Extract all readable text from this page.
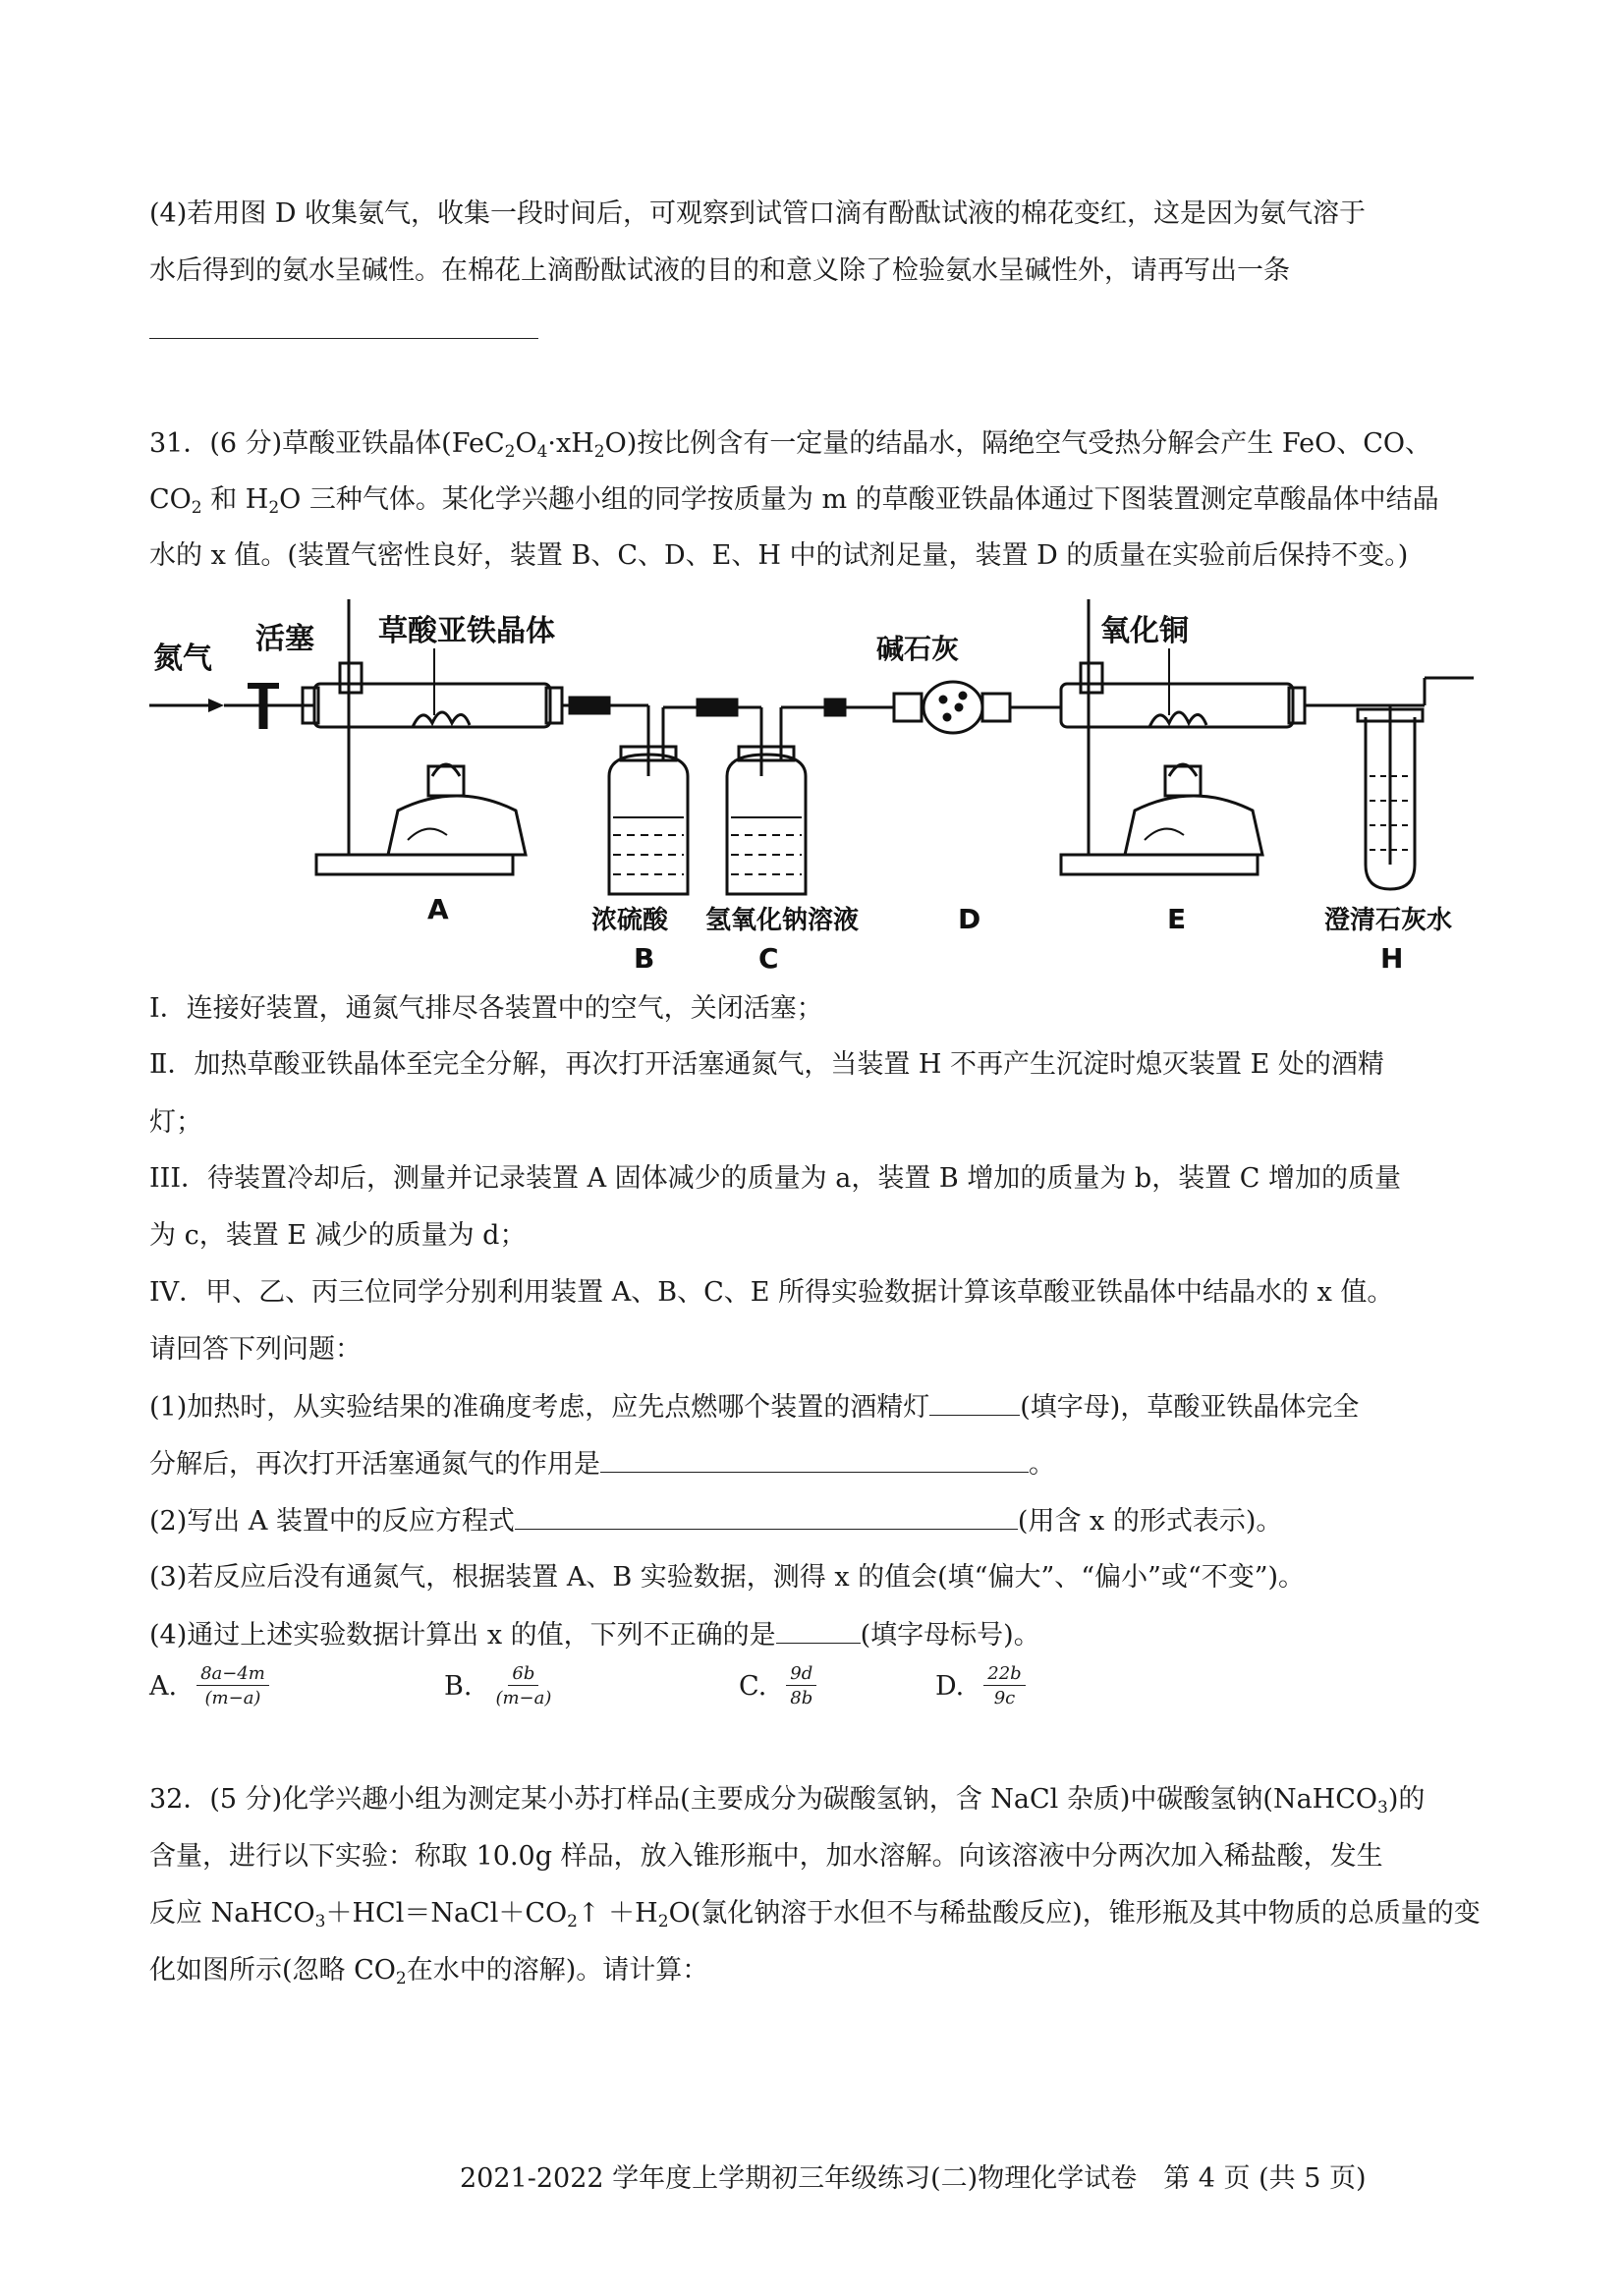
(4)若用图 D 收集氨气，收集一段时间后，可观察到试管口滴有酚酞试液的棉花变红，这是因为氨气溶于
水后得到的氨水呈碱性。在棉花上滴酚酞试液的目的和意义除了检验氨水呈碱性外，请再写出一条
31．(6 分)草酸亚铁晶体$(FeC_2O_4\cdot xH_2O)$按比例含有一定量的结晶水，隔绝空气受热分解会产生 FeO、CO、
$CO_2$ 和 $H_2O$ 三种气体。某化学兴趣小组的同学按质量为 m 的草酸亚铁晶体通过下图装置测定草酸晶体中结晶
水的 x 值。(装置气密性良好，装置 B、C、D、E、H 中的试剂足量，装置 D 的质量在实验前后保持不变。)
氮气
活塞 草酸亚铁晶体
A	浓硫酸
B
氢氧化钠溶液
C
碱石灰
D
氧化铜
E	澄清石灰水
H
Ⅰ．连接好装置，通氮气排尽各装置中的空气，关闭活塞；
Ⅱ．加热草酸亚铁晶体至完全分解，再次打开活塞通氮气，当装置 H 不再产生沉淀时熄灭装置 E 处的酒精
灯；
III．待装置冷却后，测量并记录装置 A 固体减少的质量为 a，装置 B 增加的质量为 b，装置 C 增加的质量
为 c，装置 E 减少的质量为 d；
IV．甲、乙、丙三位同学分别利用装置 A、B、C、E 所得实验数据计算该草酸亚铁晶体中结晶水的 x 值。
请回答下列问题：
(1)加热时，从实验结果的准确度考虑，应先点燃哪个装置的酒精灯	(填字母)，草酸亚铁晶体完全
分解后，再次打开活塞通氮气的作用是	。
(2)写出 A 装置中的反应方程式	(用含 x 的形式表示)。
(3)若反应后没有通氮气，根据装置 A、B 实验数据，测得 x 的值会(填“偏大”、“偏小”或“不变”)。
(4)通过上述实验数据计算出 x 的值，下列不正确的是	(填字母标号)。
A. $\frac{8a-4m}{(m-a)}$	B. $\frac{6b}{(m-a)}$	C. $\frac{9d}{8b}$	D. $\frac{22b}{9c}$
32．(5 分)化学兴趣小组为测定某小苏打样品(主要成分为碳酸氢钠，含 NaCl 杂质)中碳酸氢钠(NaHCO$_3$)的
含量，进行以下实验：称取 10.0g 样品，放入锥形瓶中，加水溶解。向该溶液中分两次加入稀盐酸，发生
反应 $NaHCO_3+HCl=NaCl+CO_2↑ +H_2O$(氯化钠溶于水但不与稀盐酸反应)，锥形瓶及其中物质的总质量的变
化如图所示(忽略 $CO_2$在水中的溶解)。请计算：
2021-2022 学年度上学期初三年级练习(二)物理化学试卷　第 4 页 (共 5 页)
